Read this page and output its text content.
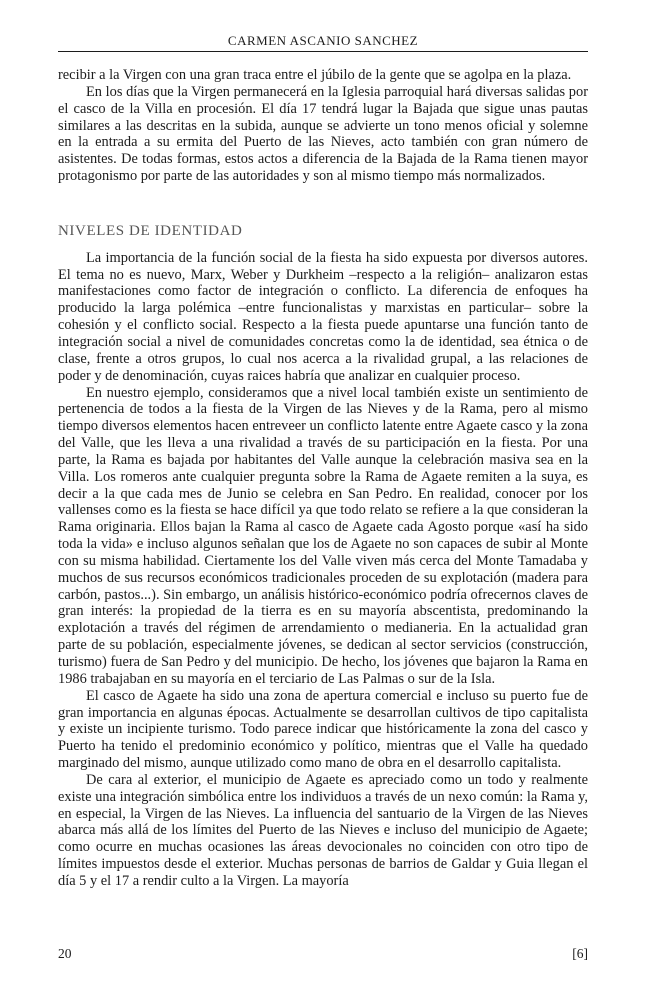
CARMEN ASCANIO SANCHEZ

recibir a la Virgen con una gran traca entre el júbilo de la gente que se agolpa en la plaza.

En los días que la Virgen permanecerá en la Iglesia parroquial hará diversas salidas por el casco de la Villa en procesión. El día 17 tendrá lugar la Bajada que sigue unas pautas similares a las descritas en la subida, aunque se advierte un tono menos oficial y solemne en la entrada a su ermita del Puerto de las Nieves, acto también con gran número de asistentes. De todas formas, estos actos a diferencia de la Bajada de la Rama tienen mayor protagonismo por parte de las autoridades y son al mismo tiempo más normalizados.

NIVELES DE IDENTIDAD

La importancia de la función social de la fiesta ha sido expuesta por diversos autores. El tema no es nuevo, Marx, Weber y Durkheim –respecto a la religión– analizaron estas manifestaciones como factor de integración o conflicto. La diferencia de enfoques ha producido la larga polémica –entre funcionalistas y marxistas en particular– sobre la cohesión y el conflicto social. Respecto a la fiesta puede apuntarse una función tanto de integración social a nivel de comunidades concretas como la de identidad, sea étnica o de clase, frente a otros grupos, lo cual nos acerca a la rivalidad grupal, a las relaciones de poder y de denominación, cuyas raices habría que analizar en cualquier proceso.

En nuestro ejemplo, consideramos que a nivel local también existe un sentimiento de pertenencia de todos a la fiesta de la Virgen de las Nieves y de la Rama, pero al mismo tiempo diversos elementos hacen entreveer un conflicto latente entre Agaete casco y la zona del Valle, que les lleva a una rivalidad a través de su participación en la fiesta. Por una parte, la Rama es bajada por habitantes del Valle aunque la celebración masiva sea en la Villa. Los romeros ante cualquier pregunta sobre la Rama de Agaete remiten a la suya, es decir a la que cada mes de Junio se celebra en San Pedro. En realidad, conocer por los vallenses como es la fiesta se hace difícil ya que todo relato se refiere a la que consideran la Rama originaria. Ellos bajan la Rama al casco de Agaete cada Agosto porque «así ha sido toda la vida» e incluso algunos señalan que los de Agaete no son capaces de subir al Monte con su misma habilidad. Ciertamente los del Valle viven más cerca del Monte Tamadaba y muchos de sus recursos económicos tradicionales proceden de su explotación (madera para carbón, pastos...). Sin embargo, un análisis histórico-económico podría ofrecernos claves de gran interés: la propiedad de la tierra es en su mayoría abscentista, predominando la explotación a través del régimen de arrendamiento o medianeria. En la actualidad gran parte de su población, especialmente jóvenes, se dedican al sector servicios (construcción, turismo) fuera de San Pedro y del municipio. De hecho, los jóvenes que bajaron la Rama en 1986 trabajaban en su mayoría en el terciario de Las Palmas o sur de la Isla.

El casco de Agaete ha sido una zona de apertura comercial e incluso su puerto fue de gran importancia en algunas épocas. Actualmente se desarrollan cultivos de tipo capitalista y existe un incipiente turismo. Todo parece indicar que históricamente la zona del casco y Puerto ha tenido el predominio económico y político, mientras que el Valle ha quedado marginado del mismo, aunque utilizado como mano de obra en el desarrollo capitalista.

De cara al exterior, el municipio de Agaete es apreciado como un todo y realmente existe una integración simbólica entre los individuos a través de un nexo común: la Rama y, en especial, la Virgen de las Nieves. La influencia del santuario de la Virgen de las Nieves abarca más allá de los límites del Puerto de las Nieves e incluso del municipio de Agaete; como ocurre en muchas ocasiones las áreas devocionales no coinciden con otro tipo de límites impuestos desde el exterior. Muchas personas de barrios de Galdar y Guia llegan el día 5 y el 17 a rendir culto a la Virgen. La mayoría

20	[6]
